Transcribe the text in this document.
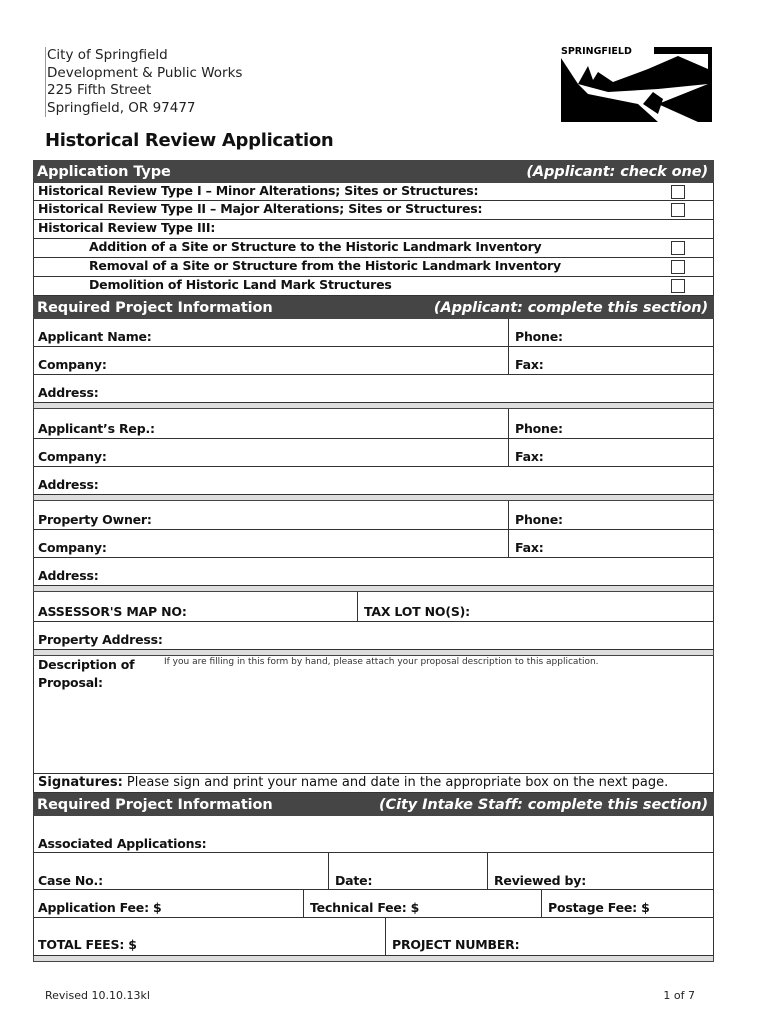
City of Springfield
Development & Public Works
225 Fifth Street
Springfield, OR 97477
SPRINGFIELD
Historical Review Application
Application Type	(Applicant: check one)
Historical Review Type I – Minor Alterations; Sites or Structures:
Historical Review Type II – Major Alterations; Sites or Structures:
Historical Review Type III:
Addition of a Site or Structure to the Historic Landmark Inventory
Removal of a Site or Structure from the Historic Landmark Inventory
Demolition of Historic Land Mark Structures
Required Project Information	(Applicant: complete this section)
Applicant Name:	Phone:
Company:	Fax:
Address:
Applicant’s Rep.:	Phone:
Company:	Fax:
Address:
Property Owner:	Phone:
Company:	Fax:
Address:
ASSESSOR'S MAP NO:	TAX LOT NO(S):
Property Address:
Description of Proposal:
If you are filling in this form by hand, please attach your proposal description to this application.
Signatures: Please sign and print your name and date in the appropriate box on the next page.
Required Project Information	(City Intake Staff: complete this section)
Associated Applications:
Case No.:	Date:	Reviewed by:
Application Fee: $	Technical Fee: $	Postage Fee: $
TOTAL FEES: $	PROJECT NUMBER:
Revised 10.10.13kl	1 of 7
